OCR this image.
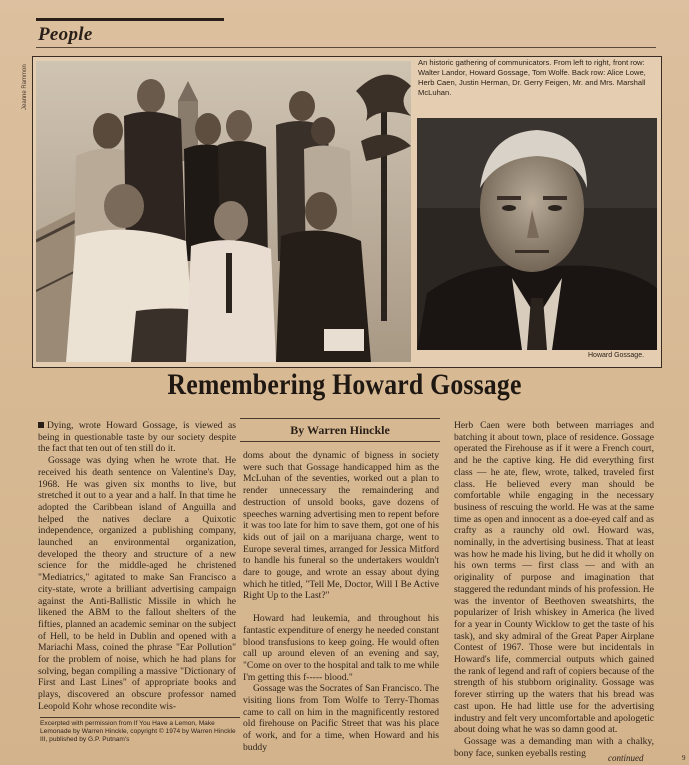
People
Jeanne Rammon
An historic gathering of communicators. From left to right, front row: Walter Landor, Howard Gossage, Tom Wolfe. Back row: Alice Lowe, Herb Caen, Justin Herman, Dr. Gerry Feigen, Mr. and Mrs. Marshall McLuhan.
Howard Gossage.
Remembering Howard Gossage
By Warren Hinckle

Dying, wrote Howard Gossage, is viewed as being in questionable taste by our society despite the fact that ten out of ten still do it.

Gossage was dying when he wrote that. He received his death sentence on Valentine's Day, 1968. He was given six months to live, but stretched it out to a year and a half. In that time he adopted the Caribbean island of Anguilla and helped the natives declare a Quixotic independence, organized a publishing company, launched an environmental organization, developed the theory and structure of a new science for the middle-aged he christened "Mediatrics," agitated to make San Francisco a city-state, wrote a brilliant advertising campaign against the Anti-Ballistic Missile in which he likened the ABM to the fallout shelters of the fifties, planned an academic seminar on the subject of Hell, to be held in Dublin and opened with a Mariachi Mass, coined the phrase "Ear Pollution" for the problem of noise, which he had plans for solving, began compiling a massive "Dictionary of First and Last Lines" of appropriate books and plays, discovered an obscure professor named Leopold Kohr whose recondite wis-

Excerpted with permission from If You Have a Lemon, Make Lemonade by Warren Hinckle, copyright © 1974 by Warren Hinckle III, published by G.P. Putnam's

doms about the dynamic of bigness in society were such that Gossage handicapped him as the McLuhan of the seventies, worked out a plan to render unnecessary the remaindering and destruction of unsold books, gave dozens of speeches warning advertising men to repent before it was too late for him to save them, got one of his kids out of jail on a marijuana charge, went to Europe several times, arranged for Jessica Mitford to handle his funeral so the undertakers wouldn't dare to gouge, and wrote an essay about dying which he titled, "Tell Me, Doctor, Will I Be Active Right Up to the Last?"

Howard had leukemia, and throughout his fantastic expenditure of energy he needed constant blood transfusions to keep going. He would often call up around eleven of an evening and say, "Come on over to the hospital and talk to me while I'm getting this f----- blood."

Gossage was the Socrates of San Francisco. The visiting lions from Tom Wolfe to Terry-Thomas came to call on him in the magnificently restored old firehouse on Pacific Street that was his place of work, and for a time, when Howard and his buddy

Herb Caen were both between marriages and batching it about town, place of residence. Gossage operated the Firehouse as if it were a French court, and he the captive king. He did everything first class — he ate, flew, wrote, talked, traveled first class. He believed every man should be comfortable while engaging in the necessary business of rescuing the world. He was at the same time as open and innocent as a doe-eyed calf and as crafty as a raunchy old owl. Howard was, nominally, in the advertising business. That at least was how he made his living, but he did it wholly on his own terms — first class — and with an originality of purpose and imagination that staggered the redundant minds of his profession. He was the inventor of Beethoven sweatshirts, the popularizer of Irish whiskey in America (he lived for a year in County Wicklow to get the taste of his task), and sky admiral of the Great Paper Airplane Contest of 1967. Those were but incidentals in Howard's life, commercial outputs which gained the rank of legend and raft of copiers because of the strength of his stubborn originality. Gossage was forever stirring up the waters that his bread was cast upon. He had little use for the advertising industry and felt very uncomfortable and apologetic about doing what he was so damn good at.

Gossage was a demanding man with a chalky, bony face, sunken eyeballs resting	continued	9
